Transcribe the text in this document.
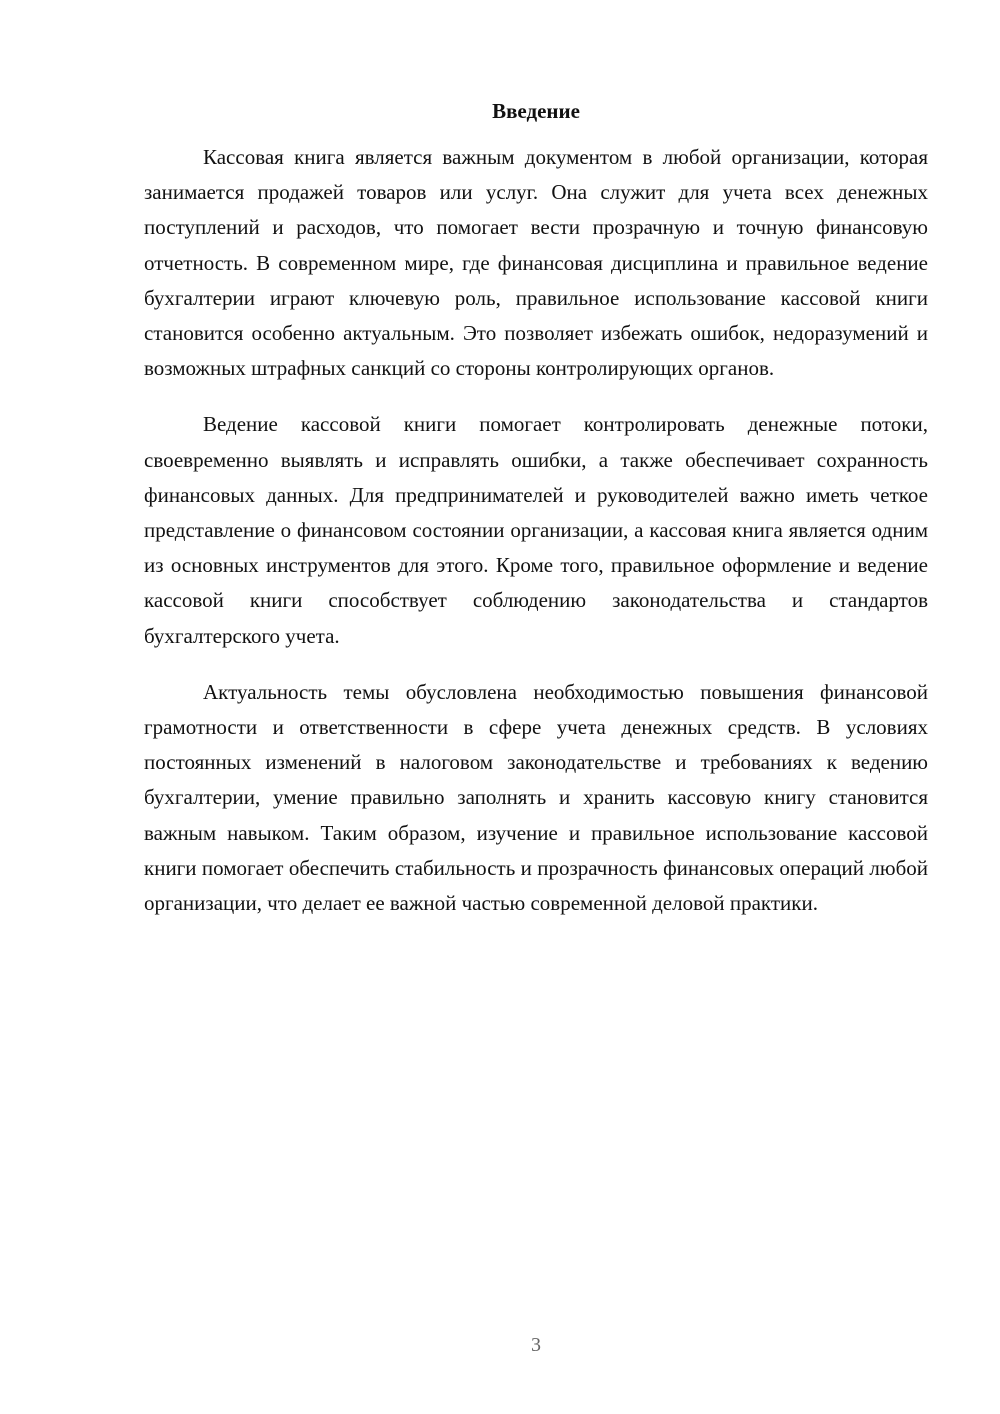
Введение

Кассовая книга является важным документом в любой организации, которая занимается продажей товаров или услуг. Она служит для учета всех денежных поступлений и расходов, что помогает вести прозрачную и точную финансовую отчетность. В современном мире, где финансовая дисциплина и правильное ведение бухгалтерии играют ключевую роль, правильное использование кассовой книги становится особенно актуальным. Это позволяет избежать ошибок, недоразумений и возможных штрафных санкций со стороны контролирующих органов.

Ведение кассовой книги помогает контролировать денежные потоки, своевременно выявлять и исправлять ошибки, а также обеспечивает сохранность финансовых данных. Для предпринимателей и руководителей важно иметь четкое представление о финансовом состоянии организации, а кассовая книга является одним из основных инструментов для этого. Кроме того, правильное оформление и ведение кассовой книги способствует соблюдению законодательства и стандартов бухгалтерского учета.

Актуальность темы обусловлена необходимостью повышения финансовой грамотности и ответственности в сфере учета денежных средств. В условиях постоянных изменений в налоговом законодательстве и требованиях к ведению бухгалтерии, умение правильно заполнять и хранить кассовую книгу становится важным навыком. Таким образом, изучение и правильное использование кассовой книги помогает обеспечить стабильность и прозрачность финансовых операций любой организации, что делает ее важной частью современной деловой практики.

3
